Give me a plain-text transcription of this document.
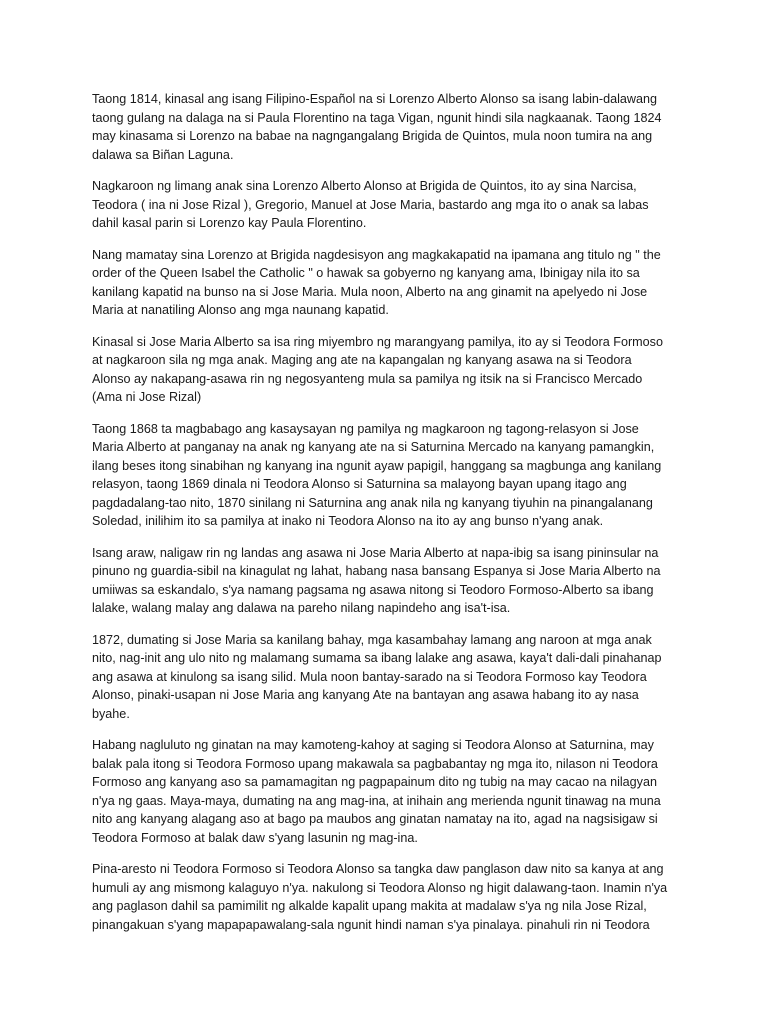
Taong 1814, kinasal ang isang Filipino-Español na si Lorenzo Alberto Alonso sa isang labin-dalawang taong gulang na dalaga na si Paula Florentino na taga Vigan, ngunit hindi sila nagkaanak. Taong 1824 may kinasama si Lorenzo na babae na nagngangalang Brigida de Quintos, mula noon tumira na ang dalawa sa Biñan Laguna.

Nagkaroon ng limang anak sina Lorenzo Alberto Alonso at Brigida de Quintos, ito ay sina Narcisa, Teodora ( ina ni Jose Rizal ), Gregorio, Manuel at Jose Maria, bastardo ang mga ito o anak sa labas dahil kasal parin si Lorenzo kay Paula Florentino.

Nang mamatay sina Lorenzo at Brigida nagdesisyon ang magkakapatid na ipamana ang titulo ng " the order of the Queen Isabel the Catholic " o hawak sa gobyerno ng kanyang ama, Ibinigay nila ito sa kanilang kapatid na bunso na si Jose Maria. Mula noon, Alberto na ang ginamit na apelyedo ni Jose Maria at nanatiling Alonso ang mga naunang kapatid.

Kinasal si Jose Maria Alberto sa isa ring miyembro ng marangyang pamilya, ito ay si Teodora Formoso at nagkaroon sila ng mga anak. Maging ang ate na kapangalan ng kanyang asawa na si Teodora Alonso ay nakapang-asawa rin ng negosyanteng mula sa pamilya ng itsik na si Francisco Mercado (Ama ni Jose Rizal)

Taong 1868 ta magbabago ang kasaysayan ng pamilya ng magkaroon ng tagong-relasyon si Jose Maria Alberto at panganay na anak ng kanyang ate na si Saturnina Mercado na kanyang pamangkin, ilang beses itong sinabihan ng kanyang ina ngunit ayaw papigil, hanggang sa magbunga ang kanilang relasyon, taong 1869 dinala ni Teodora Alonso si Saturnina sa malayong bayan upang itago ang pagdadalang-tao nito, 1870 sinilang ni Saturnina ang anak nila ng kanyang tiyuhin na pinangalanang Soledad, inilihim ito sa pamilya at inako ni Teodora Alonso na ito ay ang bunso n'yang anak.

Isang araw, naligaw rin ng landas ang asawa ni Jose Maria Alberto at napa-ibig sa isang pininsular na pinuno ng guardia-sibil na kinagulat ng lahat, habang nasa bansang Espanya si Jose Maria Alberto na umiiwas sa eskandalo, s'ya namang pagsama ng asawa nitong si Teodoro Formoso-Alberto sa ibang lalake, walang malay ang dalawa na pareho nilang napindeho ang isa't-isa.

1872, dumating si Jose Maria sa kanilang bahay, mga kasambahay lamang ang naroon at mga anak nito, nag-init ang ulo nito ng malamang sumama sa ibang lalake ang asawa, kaya't dali-dali pinahanap ang asawa at kinulong sa isang silid. Mula noon bantay-sarado na si Teodora Formoso kay Teodora Alonso, pinaki-usapan ni Jose Maria ang kanyang Ate na bantayan ang asawa habang ito ay nasa byahe.

Habang nagluluto ng ginatan na may kamoteng-kahoy at saging si Teodora Alonso at Saturnina, may balak pala itong si Teodora Formoso upang makawala sa pagbabantay ng mga ito, nilason ni Teodora Formoso ang kanyang aso sa pamamagitan ng pagpapainum dito ng tubig na may cacao na nilagyan n'ya ng gaas. Maya-maya, dumating na ang mag-ina, at inihain ang merienda ngunit tinawag na muna nito ang kanyang alagang aso at bago pa maubos ang ginatan namatay na ito, agad na nagsisigaw si Teodora Formoso at balak daw s'yang lasunin ng mag-ina.

Pina-aresto ni Teodora Formoso si Teodora Alonso sa tangka daw panglason daw nito sa kanya at ang humuli ay ang mismong kalaguyo n'ya. nakulong si Teodora Alonso ng higit dalawang-taon. Inamin n'ya ang paglason dahil sa pamimilit ng alkalde kapalit upang makita at madalaw s'ya ng nila Jose Rizal, pinangakuan s'yang mapapapawalang-sala ngunit hindi naman s'ya pinalaya. pinahuli rin ni Teodora
